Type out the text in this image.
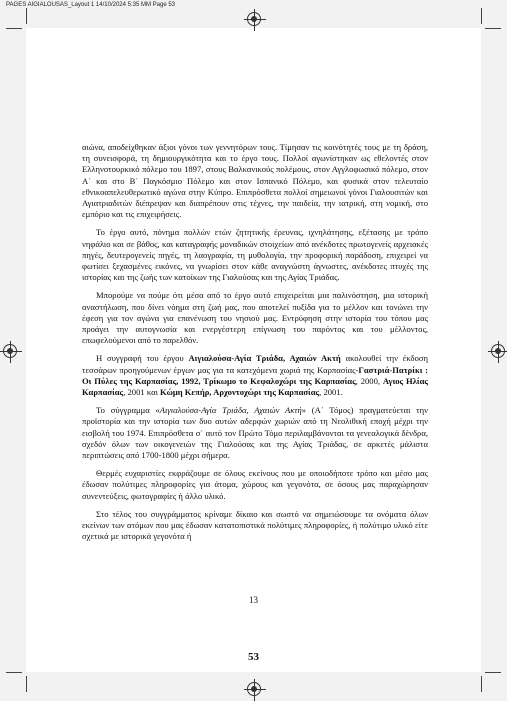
PAGES AIGIALOUSAS_Layout 1 14/10/2024 5:35 MM Page 53

αιώνα, αποδείχθηκαν άξιοι γόνοι των γεννητόρων τους. Τίμησαν τις κοινότητές τους με τη δράση, τη συνεισφορά, τη δημιουργικότητα και το έργο τους. Πολλοί αγωνίστηκαν ως εθελοντές στον Ελληνοτουρκικό πόλεμο του 1897, στους Βαλκανικούς πολέμους, στον Αγγλοφωσικό πόλεμο, στον Α΄ και στο Β΄ Παγκόσμιο Πόλεμο και στον Ισπανικό Πόλεμο, και φυσικά στον τελευταίο εθνικοαπελευθερωτικό αγώνα στην Κύπρο. Επιπρόσθετα πολλοί σημειωνοί γόνοι Γιαλουσιτών και Αγιατριαδιτών διέπρεψαν και διαπρέπουν στις τέχνες, την παιδεία, την ιατρική, στη νομική, στο εμπόριο και τις επιχειρήσεις.

Το έργο αυτό, πόνημα πολλών ετών ζητητικής έρευνας, ιχνηλάτησης, εξέτασης με τρόπο νηφάλιο και σε βάθος, και καταγραφής μοναδικών στοιχείων από ανέκδοτες πρωτογενείς αρχειακές πηγές, δευτερογενείς πηγές, τη λαογραφία, τη μυθολογία, την προφορική παράδοση, επιχειρεί να φωτίσει ξεχασμένες εικόνες, να γνωρίσει στον κάθε αναγνώστη άγνωστες, ανέκδοτες πτυχές της ιστορίας και της ζωής των κατοίκων της Γιαλούσας και της Αγίας Τριάδας.

Μπορούμε να πούμε ότι μέσα από το έργο αυτό επιχειρείται μια παλινόστηση, μια ιστορική αναστήλωση, που δίνει νόημα στη ζωή μας, που αποτελεί πυξίδα για το μέλλον και τονώνει την έφεση για τον αγώνα για επανένωση του νησιού μας. Εντρύφηση στην ιστορία του τόπου μας προάγει την αυτογνωσία και ενεργέστερη επίγνωση του παρόντος και του μέλλοντος, επωφελούμενοι από το παρελθόν.

Η συγγραφή του έργου Αιγιαλούσα-Αγία Τριάδα, Αχαιών Ακτή ακολουθεί την έκδοση τεσσάρων προηγούμενων έργων μας για τα κατεχόμενα χωριά της Καρπασίας-Γαστριά-Πατρίκι : Οι Πύλες της Καρπασίας, 1992, Τρίκωμο το Κεφαλοχώρι της Καρπασίας, 2000, Αγιος Ηλίας Καρπασίας, 2001 και Κώμη Κεπήρ, Αρχοντοχώρι της Καρπασίας, 2001.

Το σύγγραμμα «Αιγιαλούσα-Αγία Τριάδα, Αχαιών Ακτή» (Α΄ Τόμος) πραγματεύεται την προϊστορία και την ιστορία των δυο αυτών αδερφών χωριών από τη Νεολιθική εποχή μέχρι την εισβολή του 1974. Επιπρόσθετα σ΄ αυτό τον Πρώτο Τόμο περιλαμβάνονται τα γενεαλογικά δένδρα, σχεδόν όλων των οικογενειών της Γιαλούσας και της Αγίας Τριάδας, σε αρκετές μάλιστα περιπτώσεις από 1700-1800 μέχρι σήμερα.

Θερμές ευχαριστίες εκφράζουμε σε όλους εκείνους που με οποιοδήποτε τρόπο και μέσο μας έδωσαν πολύτιμες πληροφορίες για άτομα, χώρους και γεγονότα, σε όσους μας παραχώρησαν συνεντεύξεις, φωτογραφίες ή άλλο υλικό.

Στο τέλος του συγγράμματος κρίναμε δίκαιο και σωστό να σημειώσουμε τα ονόματα όλων εκείνων των ατόμων που μας έδωσαν κατατοπιστικά πολύτιμες πληροφορίες, ή πολύτιμο υλικό είτε σχετικά με ιστορικά γεγονότα ή

13
53
